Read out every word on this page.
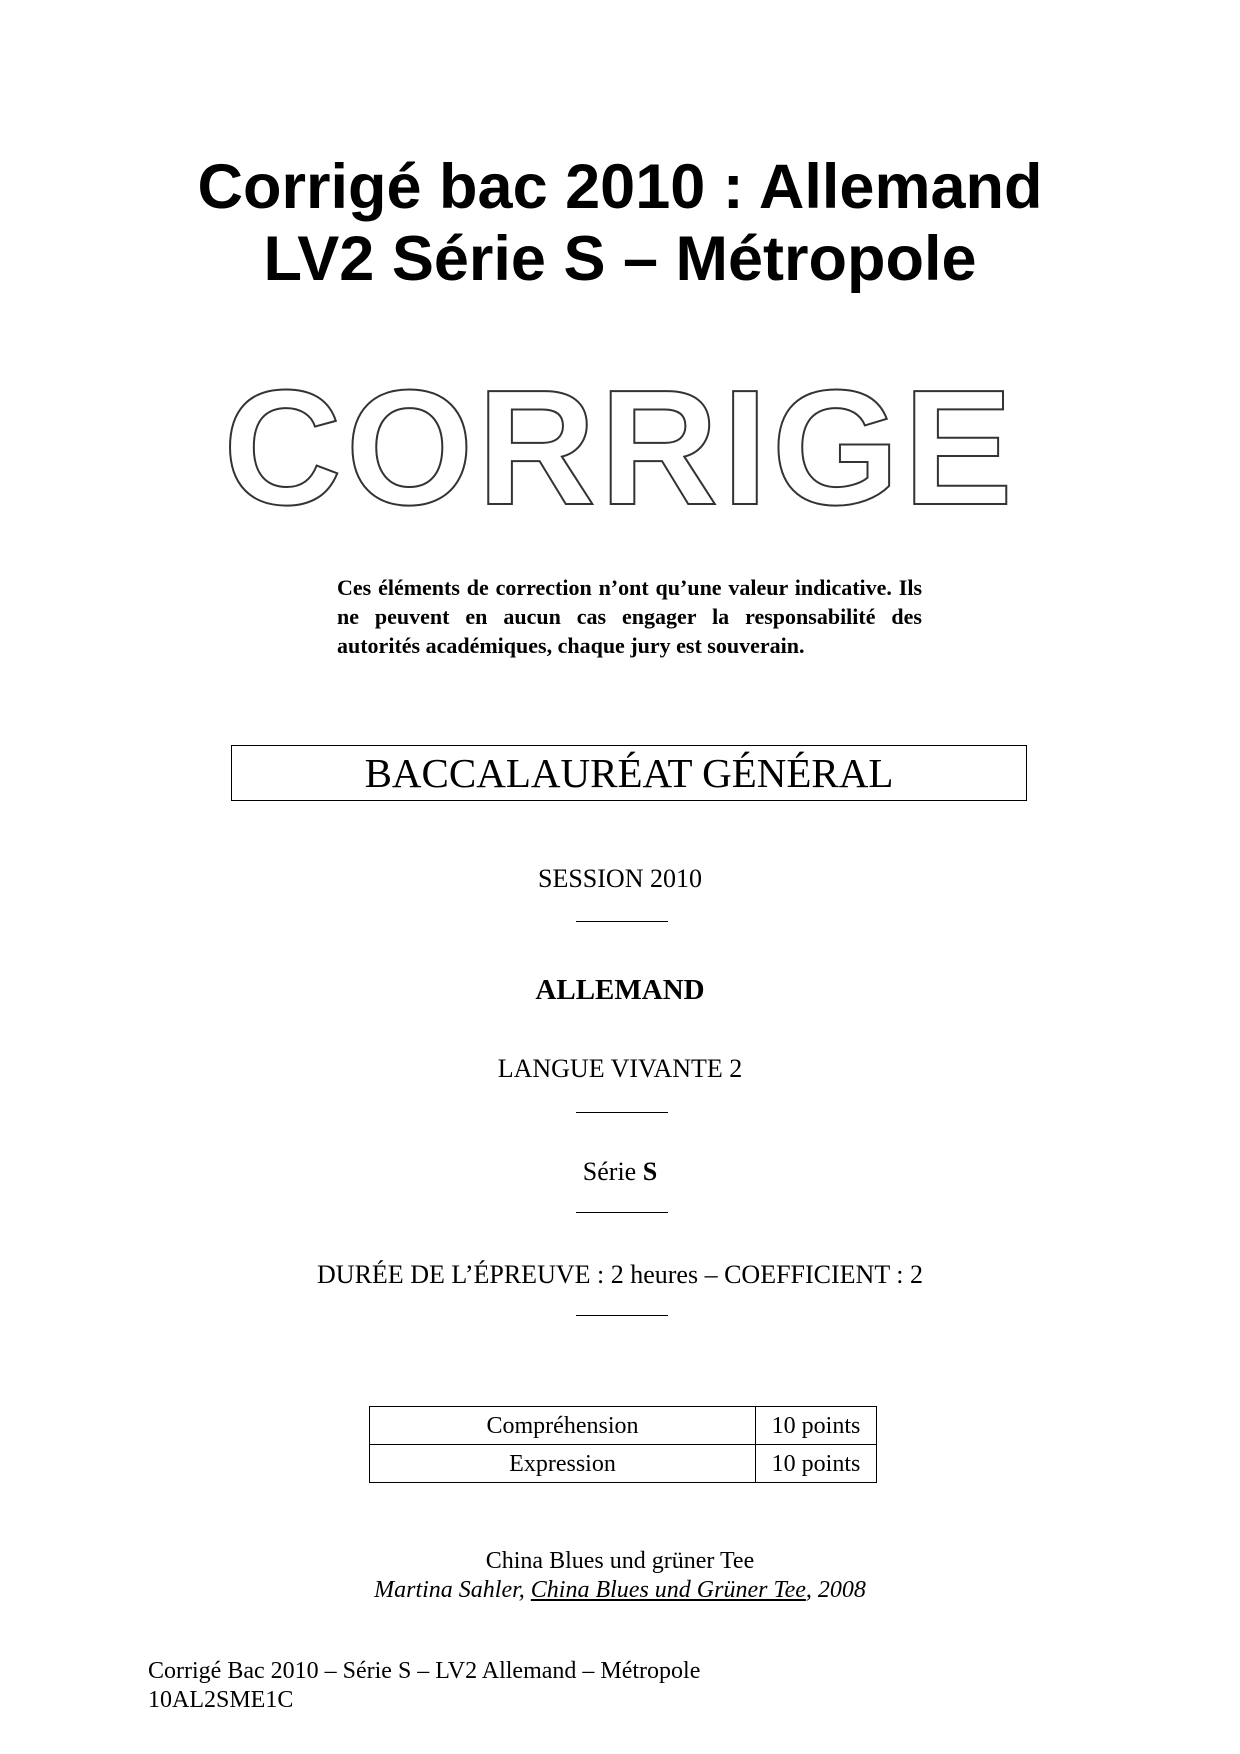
Corrigé bac 2010 : Allemand
LV2 Série S – Métropole
CORRIGE

Ces éléments de correction n’ont qu’une valeur indicative. Ils ne peuvent en aucun cas engager la responsabilité des autorités académiques, chaque jury est souverain.

BACCALAURÉAT GÉNÉRAL
SESSION 2010
ALLEMAND
LANGUE VIVANTE 2
Série S
DURÉE DE L’ÉPREUVE : 2 heures – COEFFICIENT : 2
Compréhension	10 points
Expression	10 points
China Blues und grüner Tee
Martina Sahler, China Blues und Grüner Tee, 2008
Corrigé Bac 2010 – Série S – LV2 Allemand – Métropole
10AL2SME1C
